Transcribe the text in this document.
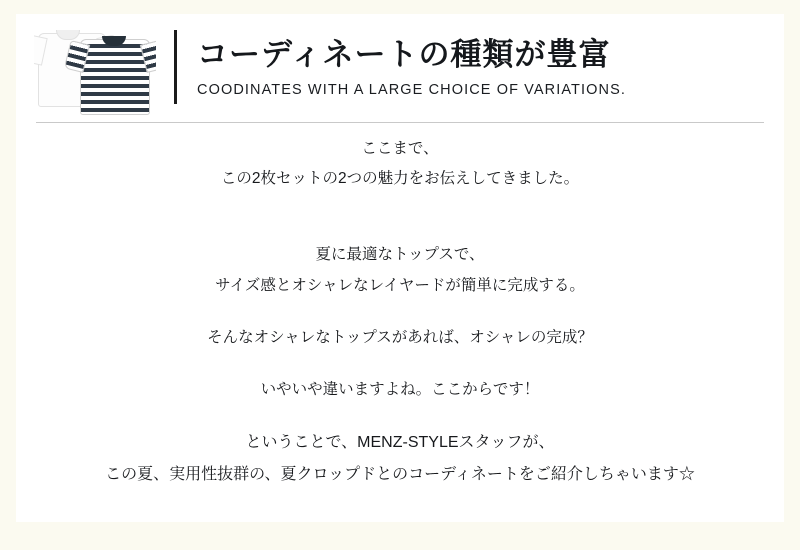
コーディネートの種類が豊富
COODINATES WITH A LARGE CHOICE OF VARIATIONS.

ここまで、
この2枚セットの2つの魅力をお伝えしてきました。

夏に最適なトップスで、
サイズ感とオシャレなレイヤードが簡単に完成する。

そんなオシャレなトップスがあれば、オシャレの完成？

いやいや違いますよね。ここからです！

ということで、MENZ-STYLEスタッフが、
この夏、実用性抜群の、夏クロップドとのコーディネートをご紹介しちゃいます☆
